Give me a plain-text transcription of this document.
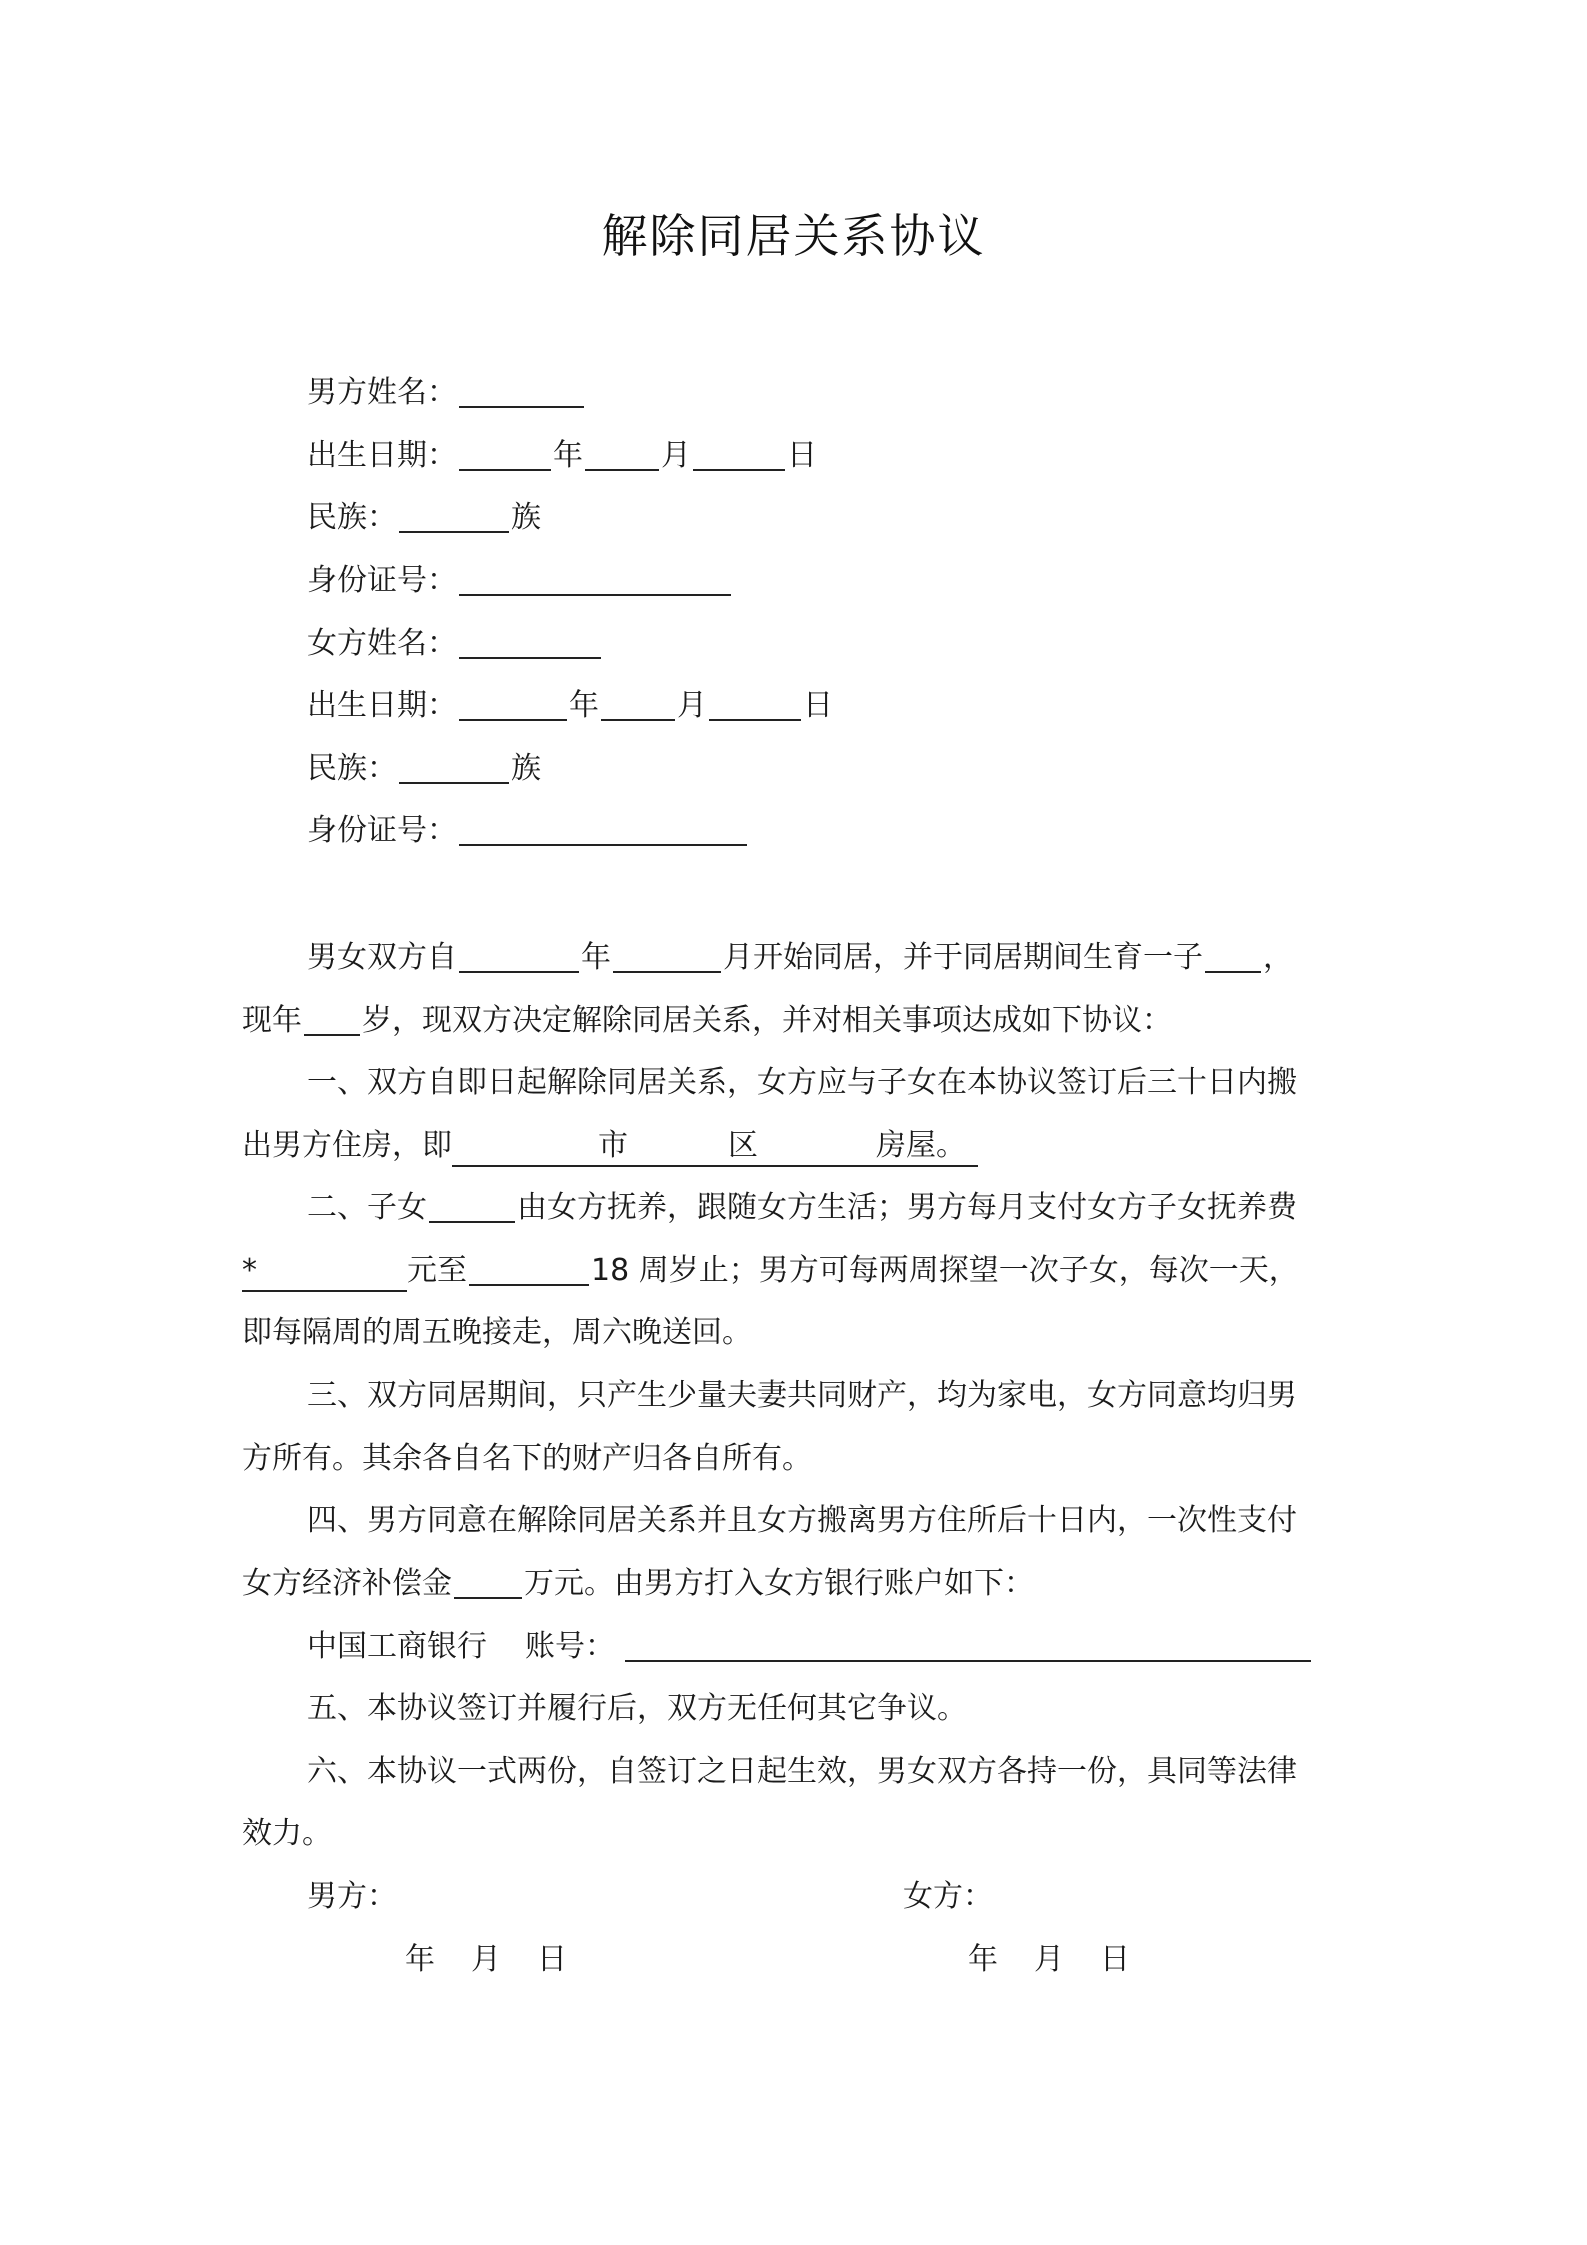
解除同居关系协议
男方姓名：
出生日期：	年	月	日
民族：	族
身份证号：
女方姓名：
出生日期：	年	月	日
民族：	族
身份证号：
男女双方自	年	月开始同居，并于同居期间生育一子 ，
现年 岁，现双方决定解除同居关系，并对相关事项达成如下协议：
一、双方自即日起解除同居关系，女方应与子女在本协议签订后三十日内搬
出男方住房，即	市	区	房屋。
二、子女	由女方抚养，跟随女方生活；男方每月支付女方子女抚养费
*	元至	18 周岁止；男方可每两周探望一次子女，每次一天，
即每隔周的周五晚接走，周六晚送回。
三、双方同居期间，只产生少量夫妻共同财产，均为家电，女方同意均归男
方所有。其余各自名下的财产归各自所有。
四、男方同意在解除同居关系并且女方搬离男方住所后十日内，一次性支付
女方经济补偿金 万元。由男方打入女方银行账户如下：
中国工商银行 账号：
五、本协议签订并履行后，双方无任何其它争议。
六、本协议一式两份，自签订之日起生效，男女双方各持一份，具同等法律
效力。
男方：	女方：
年 月 日	年 月 日
